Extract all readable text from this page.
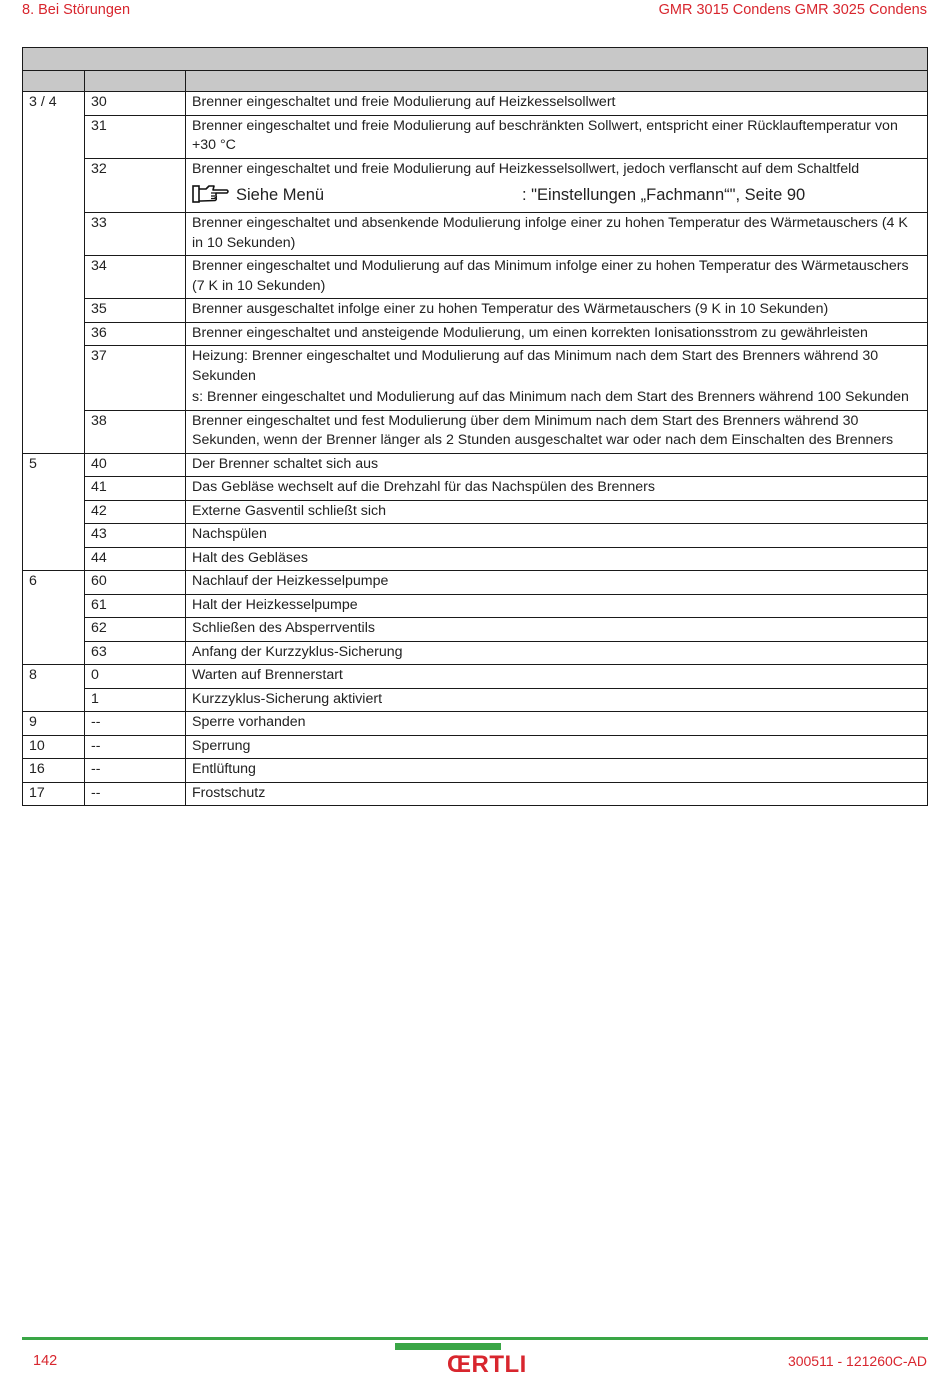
8. Bei Störungen	GMR 3015 Condens GMR 3025 Condens

3 / 4	30	Brenner eingeschaltet und freie Modulierung auf Heizkesselsollwert

	31	Brenner eingeschaltet und freie Modulierung auf beschränkten Sollwert, entspricht einer Rücklauftemperatur von +30 °C

	32	Brenner eingeschaltet und freie Modulierung auf Heizkesselsollwert, jedoch verflanscht auf dem Schaltfeld
Siehe Menü : "Einstellungen „Fachmann“", Seite 90

	33	Brenner eingeschaltet und absenkende Modulierung infolge einer zu hohen Temperatur des Wärmetauschers (4 K in 10 Sekunden)

	34	Brenner eingeschaltet und Modulierung auf das Minimum infolge einer zu hohen Temperatur des Wärmetauschers (7 K in 10 Sekunden)

	35	Brenner ausgeschaltet infolge einer zu hohen Temperatur des Wärmetauschers (9 K in 10 Sekunden)

	36	Brenner eingeschaltet und ansteigende Modulierung, um einen korrekten Ionisationsstrom zu gewährleisten

	37	Heizung: Brenner eingeschaltet und Modulierung auf das Minimum nach dem Start des Brenners während 30 Sekunden
s: Brenner eingeschaltet und Modulierung auf das Minimum nach dem Start des Brenners während 100 Sekunden

	38	Brenner eingeschaltet und fest Modulierung über dem Minimum nach dem Start des Brenners während 30 Sekunden, wenn der Brenner länger als 2 Stunden ausgeschaltet war oder nach dem Einschalten des Brenners

5	40	Der Brenner schaltet sich aus

	41	Das Gebläse wechselt auf die Drehzahl für das Nachspülen des Brenners

	42	Externe Gasventil schließt sich

	43	Nachspülen

	44	Halt des Gebläses

6	60	Nachlauf der Heizkesselpumpe

	61	Halt der Heizkesselpumpe

	62	Schließen des Absperrventils

	63	Anfang der Kurzzyklus-Sicherung

8	0	Warten auf Brennerstart

	1	Kurzzyklus-Sicherung aktiviert

9	--	Sperre vorhanden

10	--	Sperrung

16	--	Entlüftung

17	--	Frostschutz
142	ŒRTLI	300511 - 121260C-AD
